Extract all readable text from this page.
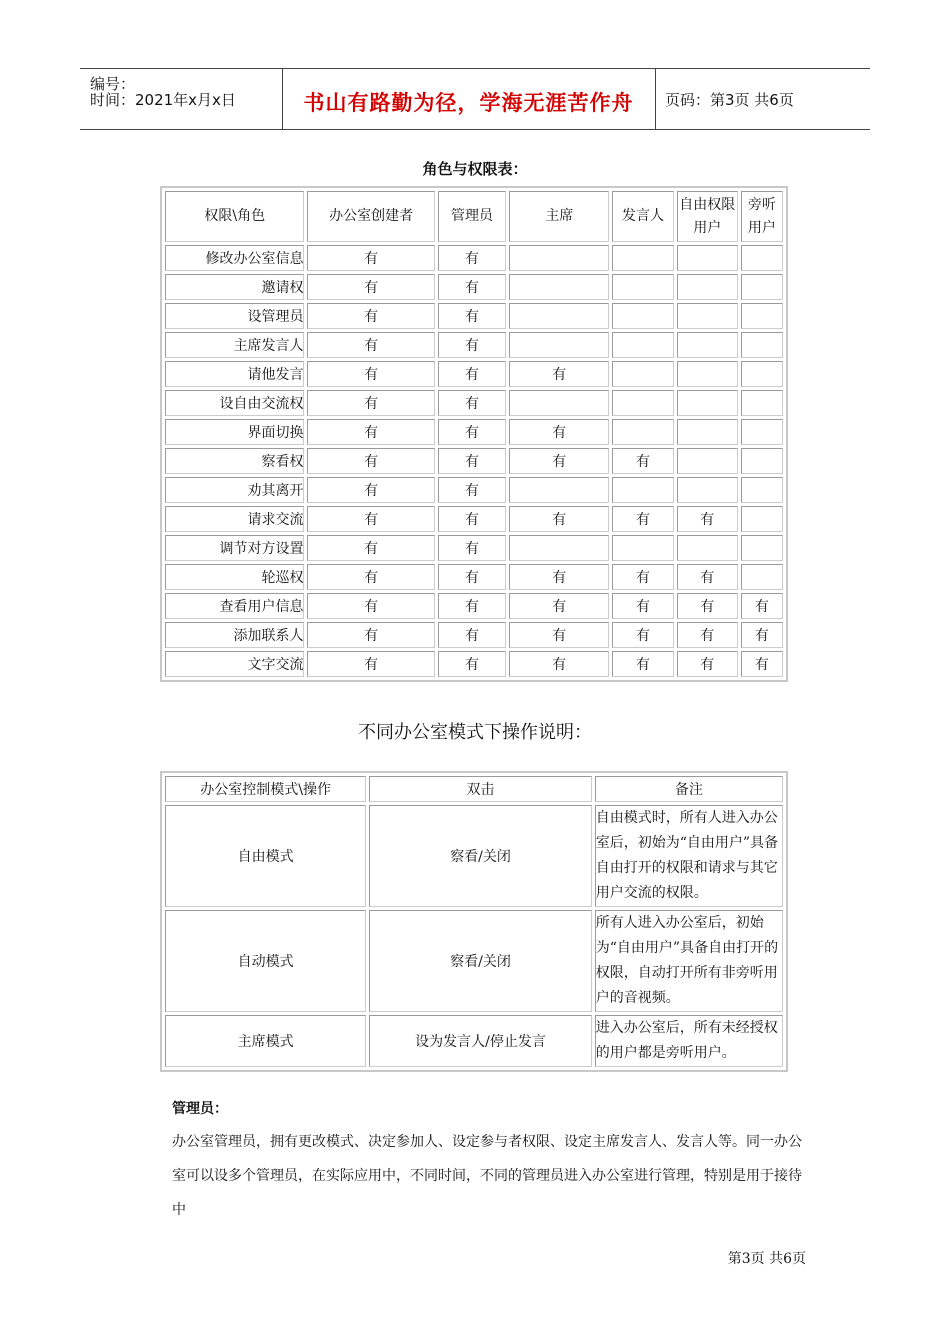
编号：
时间：2021年x月x日	书山有路勤为径，学海无涯苦作舟	页码：第3页 共6页
角色与权限表：
权限\角色	办公室创建者	管理员	主席	发言人	自由权限用户	旁听用户
修改办公室信息	有	有				
邀请权	有	有				
设管理员	有	有				
主席发言人	有	有				
请他发言	有	有	有			
设自由交流权	有	有				
界面切换	有	有	有			
察看权	有	有	有	有		
劝其离开	有	有				
请求交流	有	有	有	有	有	
调节对方设置	有	有				
轮巡权	有	有	有	有	有	
查看用户信息	有	有	有	有	有	有
添加联系人	有	有	有	有	有	有
文字交流	有	有	有	有	有	有
不同办公室模式下操作说明：
办公室控制模式\操作	双击	备注
自由模式	察看/关闭	自由模式时，所有人进入办公室后，初始为“自由用户”具备自由打开的权限和请求与其它用户交流的权限。
自动模式	察看/关闭	所有人进入办公室后，初始为“自由用户”具备自由打开的权限，自动打开所有非旁听用户的音视频。
主席模式	设为发言人/停止发言	进入办公室后，所有未经授权的用户都是旁听用户。
管理员：
办公室管理员，拥有更改模式、决定参加人、设定参与者权限、设定主席发言人、发言人等。同一办公室可以设多个管理员，在实际应用中，不同时间，不同的管理员进入办公室进行管理，特别是用于接待中
第3页 共6页
